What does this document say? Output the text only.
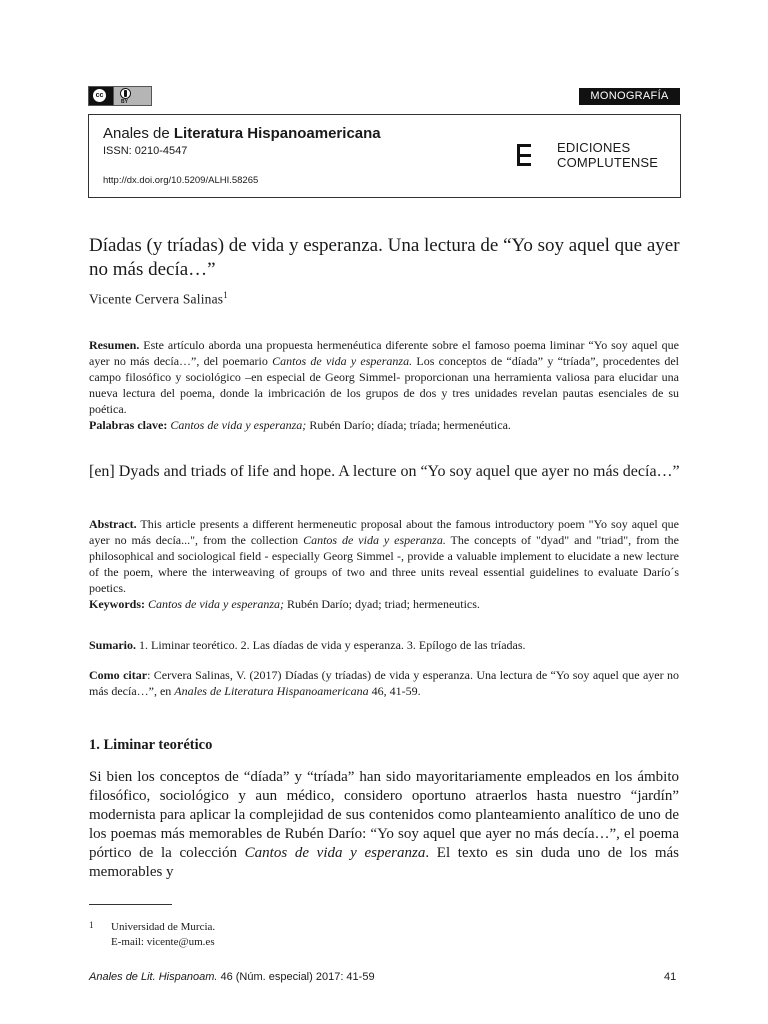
cc
BY	MONOGRAFÍA
Anales de Literatura Hispanoamericana
ISSN: 0210-4547
http://dx.doi.org/10.5209/ALHI.58265
EDICIONES
COMPLUTENSE
Díadas (y tríadas) de vida y esperanza. Una lectura de “Yo soy aquel que ayer no más decía…”
Vicente Cervera Salinas$^1$

Resumen. Este artículo aborda una propuesta hermenéutica diferente sobre el famoso poema liminar “Yo soy aquel que ayer no más decía…”, del poemario Cantos de vida y esperanza. Los conceptos de “díada” y “tríada”, procedentes del campo filosófico y sociológico –en especial de Georg Simmel- proporcionan una herramienta valiosa para elucidar una nueva lectura del poema, donde la imbricación de los grupos de dos y tres unidades revelan pautas esenciales de su poética.
Palabras clave: Cantos de vida y esperanza; Rubén Darío; díada; tríada; hermenéutica.

[en] Dyads and triads of life and hope. A lecture on “Yo soy aquel que ayer no más decía…”

Abstract. This article presents a different hermeneutic proposal about the famous introductory poem "Yo soy aquel que ayer no más decía...", from the collection Cantos de vida y esperanza. The concepts of "dyad" and "triad", from the philosophical and sociological field - especially Georg Simmel -, provide a valuable implement to elucidate a new lecture of the poem, where the interweaving of groups of two and three units reveal essential guidelines to evaluate Darío´s poetics.
Keywords: Cantos de vida y esperanza; Rubén Darío; dyad; triad; hermeneutics.

Sumario. 1. Liminar teorético. 2. Las díadas de vida y esperanza. 3. Epílogo de las tríadas.

Como citar: Cervera Salinas, V. (2017) Díadas (y tríadas) de vida y esperanza. Una lectura de “Yo soy aquel que ayer no más decía…”, en Anales de Literatura Hispanoamericana 46, 41-59.

1. Liminar teorético

Si bien los conceptos de “díada” y “tríada” han sido mayoritariamente empleados en los ámbito filosófico, sociológico y aun médico, considero oportuno atraerlos hasta nuestro “jardín” modernista para aplicar la complejidad de sus contenidos como planteamiento analítico de uno de los poemas más memorables de Rubén Darío: “Yo soy aquel que ayer no más decía…”, el poema pórtico de la colección Cantos de vida y esperanza. El texto es sin duda uno de los más memorables y

1 Universidad de Murcia.
E-mail: vicente@um.es
Anales de Lit. Hispanoam. 46 (Núm. especial) 2017: 41-59	41
